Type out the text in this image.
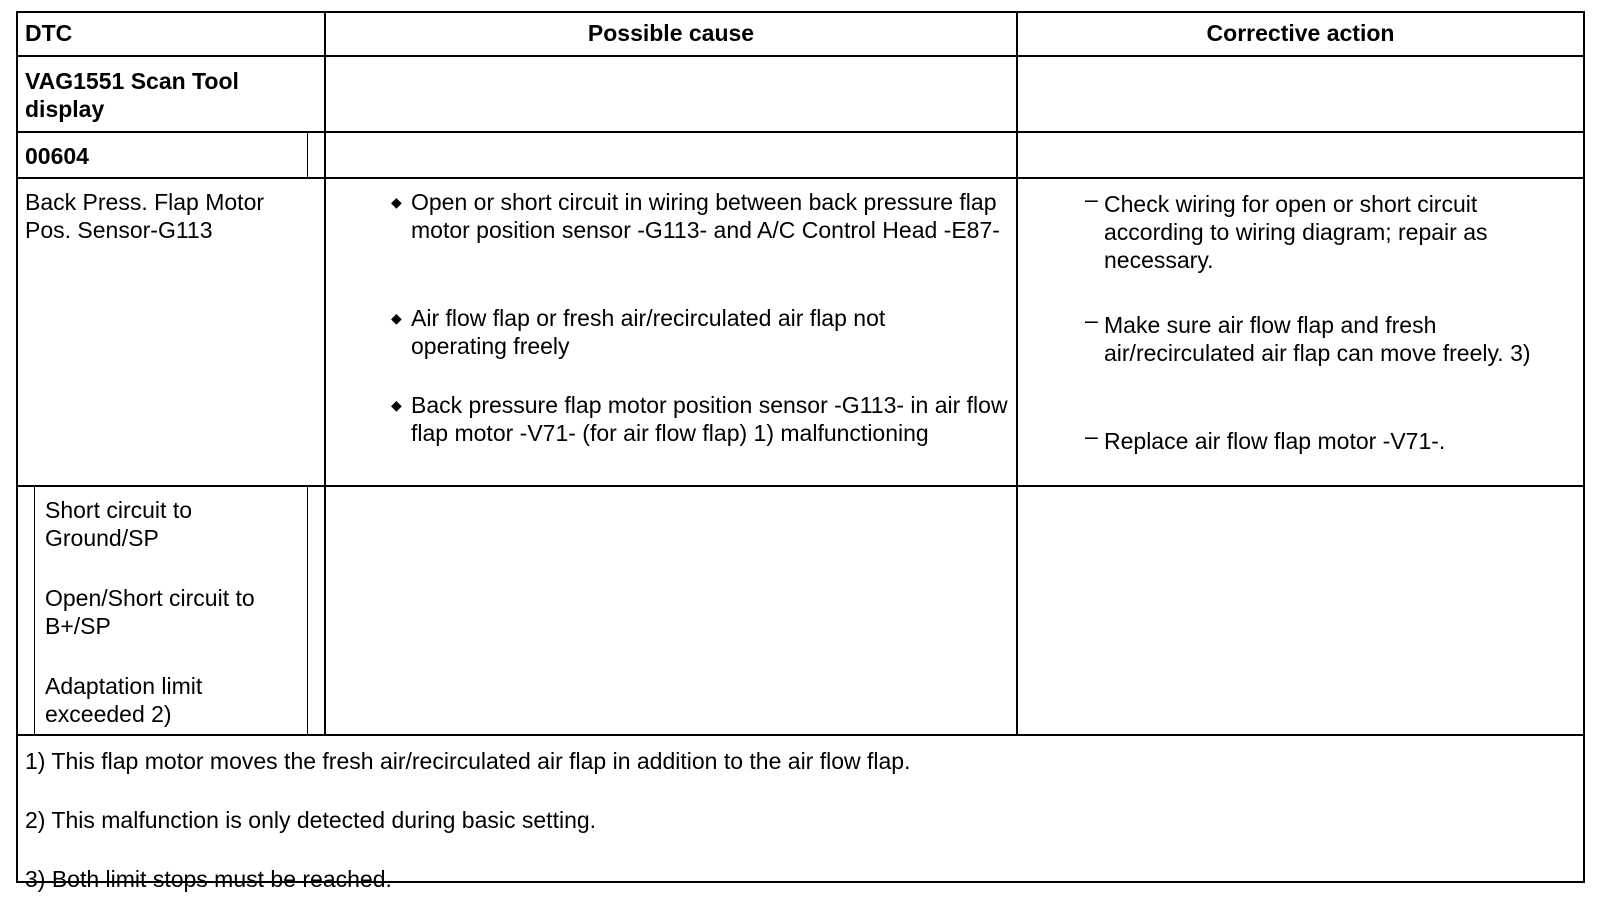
DTC	Possible cause	Corrective action
VAG1551 Scan Tool display
00604
Back Press. Flap Motor Pos. Sensor-G113
◆ Open or short circuit in wiring between back pressure flap motor position sensor -G113- and A/C Control Head -E87-
◆ Air flow flap or fresh air/recirculated air flap not operating freely
◆ Back pressure flap motor position sensor -G113- in air flow flap motor -V71- (for air flow flap) 1) malfunctioning
– Check wiring for open or short circuit according to wiring diagram; repair as necessary.
– Make sure air flow flap and fresh air/recirculated air flap can move freely. 3)
– Replace air flow flap motor -V71-.
Short circuit to Ground/SP
Open/Short circuit to B+/SP
Adaptation limit exceeded 2)
1) This flap motor moves the fresh air/recirculated air flap in addition to the air flow flap.
2) This malfunction is only detected during basic setting.
3) Both limit stops must be reached.
